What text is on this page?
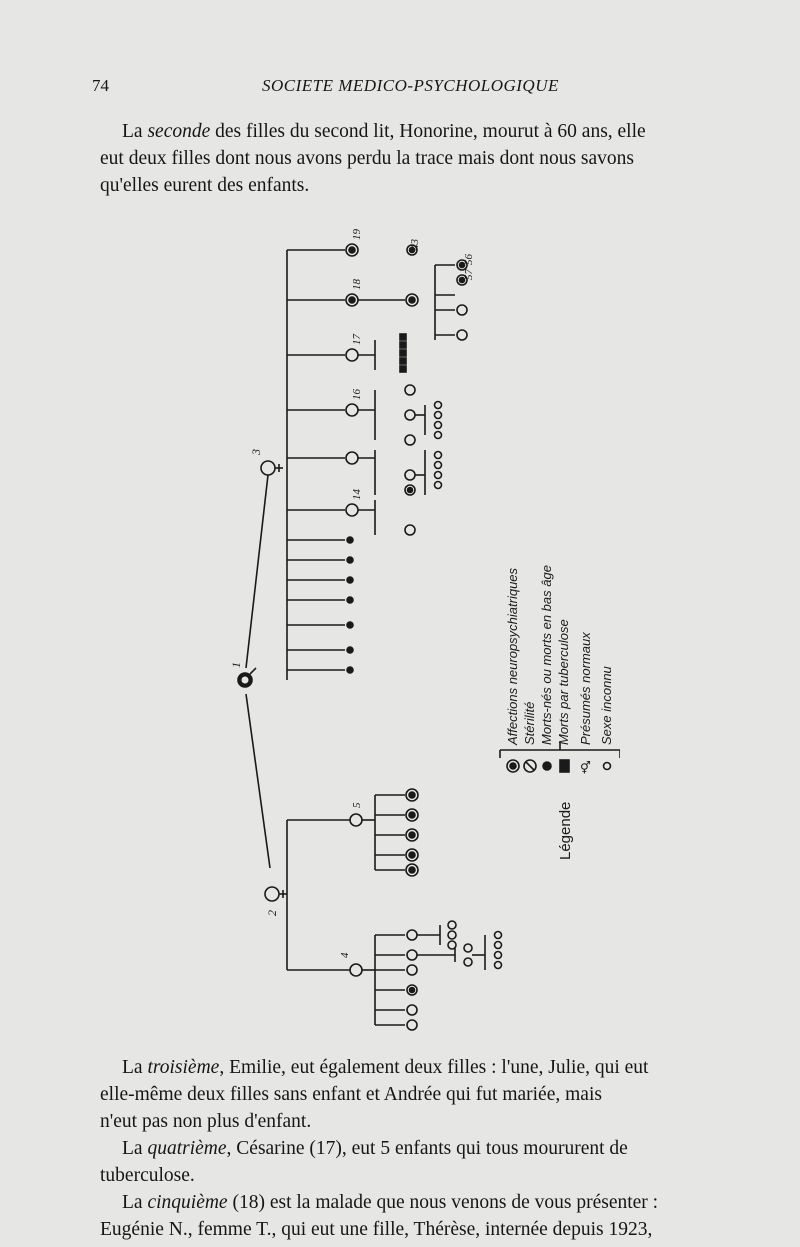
74	SOCIETE MEDICO-PSYCHOLOGIQUE
La seconde des filles du second lit, Honorine, mourut à 60 ans, elle
eut deux filles dont nous avons perdu la trace mais dont nous savons
qu'elles eurent des enfants.
1
3
2
19
18
17
16
14
43
56
57
5
4
Légende
⚥
Affections neuropsychiatriques Stérilité Morts-nés ou morts en bas âge Morts par tuberculose Présumés normaux Sexe inconnu
La troisième, Emilie, eut également deux filles : l'une, Julie, qui eut
elle-même deux filles sans enfant et Andrée qui fut mariée, mais
n'eut pas non plus d'enfant.
La quatrième, Césarine (17), eut 5 enfants qui tous moururent de
tuberculose.
La cinquième (18) est la malade que nous venons de vous présenter :
Eugénie N., femme T., qui eut une fille, Thérèse, internée depuis 1923,
